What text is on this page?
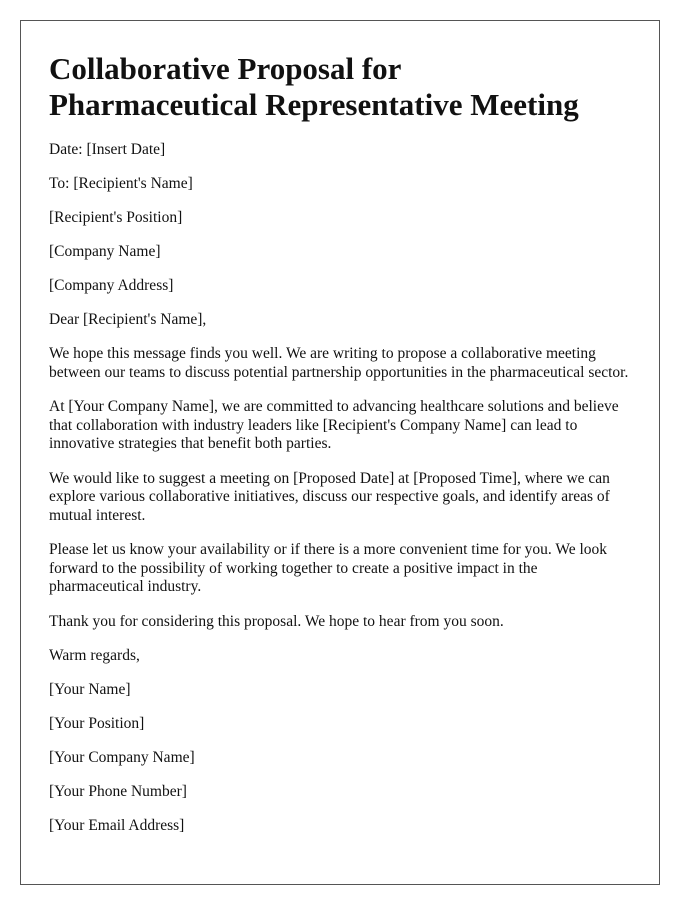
Collaborative Proposal for
Pharmaceutical Representative Meeting

Date: [Insert Date]

To: [Recipient's Name]

[Recipient's Position]

[Company Name]

[Company Address]

Dear [Recipient's Name],

We hope this message finds you well. We are writing to propose a collaborative meeting between our teams to discuss potential partnership opportunities in the pharmaceutical sector.

At [Your Company Name], we are committed to advancing healthcare solutions and believe that collaboration with industry leaders like [Recipient's Company Name] can lead to innovative strategies that benefit both parties.

We would like to suggest a meeting on [Proposed Date] at [Proposed Time], where we can explore various collaborative initiatives, discuss our respective goals, and identify areas of mutual interest.

Please let us know your availability or if there is a more convenient time for you. We look forward to the possibility of working together to create a positive impact in the pharmaceutical industry.

Thank you for considering this proposal. We hope to hear from you soon.

Warm regards,

[Your Name]

[Your Position]

[Your Company Name]

[Your Phone Number]

[Your Email Address]
